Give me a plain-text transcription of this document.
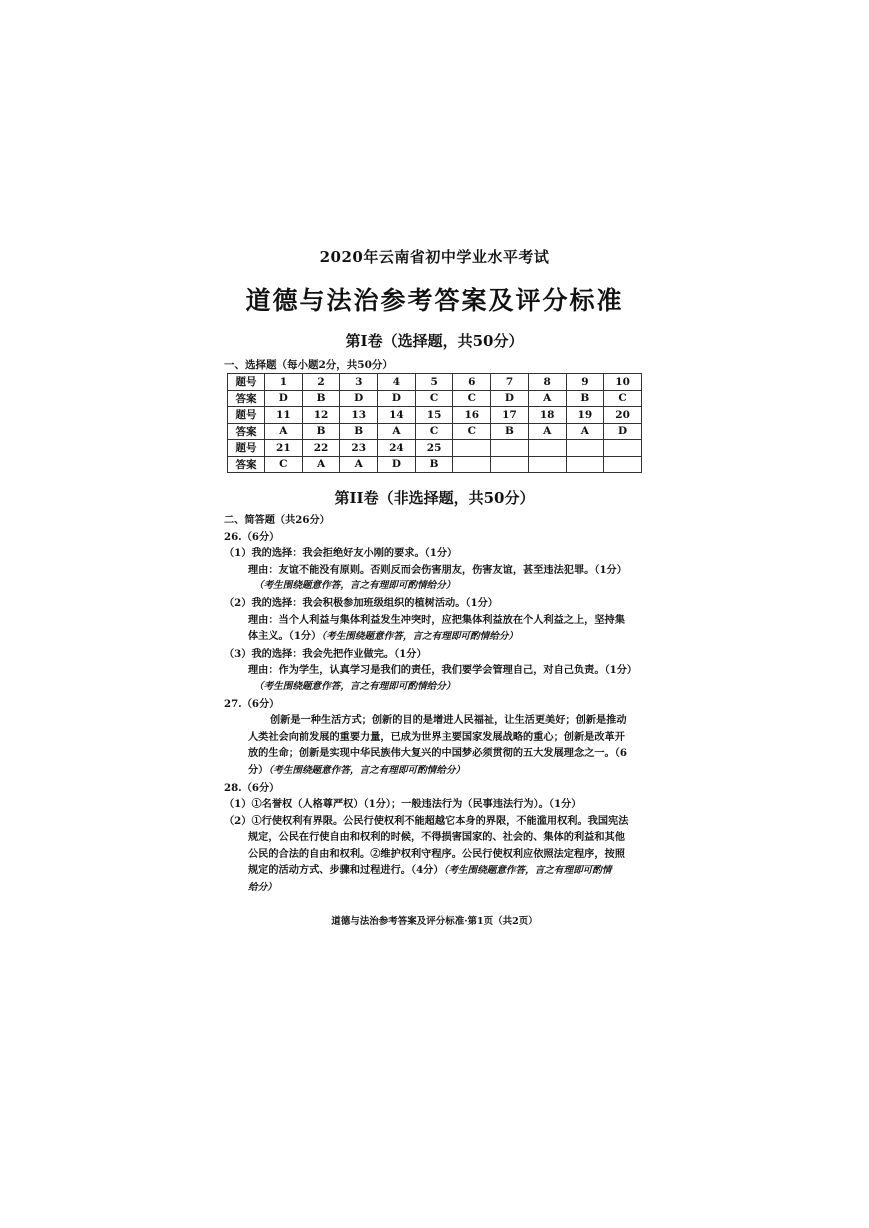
2020年云南省初中学业水平考试
道德与法治参考答案及评分标准
第Ⅰ卷（选择题，共50分）
一、选择题（每小题2分，共50分）
题号	1	2	3	4	5	6	7	8	9	10
答案	D	B	D	D	C	C	D	A	B	C
题号	11	12	13	14	15	16	17	18	19	20
答案	A	B	B	A	C	C	B	A	A	D
题号	21	22	23	24	25					
答案	C	A	A	D	B					
第II卷（非选择题，共50分）
二、简答题（共26分）
26.（6分）
（1）我的选择：我会拒绝好友小刚的要求。（1分）
理由：友谊不能没有原则。否则反而会伤害朋友，伤害友谊，甚至违法犯罪。（1分）
（考生围绕题意作答，言之有理即可酌情给分）
（2）我的选择：我会积极参加班级组织的植树活动。（1分）
理由：当个人利益与集体利益发生冲突时，应把集体利益放在个人利益之上，坚持集
体主义。（1分）（考生围绕题意作答，言之有理即可酌情给分）
（3）我的选择：我会先把作业做完。（1分）
理由：作为学生，认真学习是我们的责任，我们要学会管理自己，对自己负责。（1分）
（考生围绕题意作答，言之有理即可酌情给分）
27.（6分）
创新是一种生活方式；创新的目的是增进人民福祉，让生活更美好；创新是推动
人类社会向前发展的重要力量，已成为世界主要国家发展战略的重心；创新是改革开
放的生命；创新是实现中华民族伟大复兴的中国梦必须贯彻的五大发展理念之一。（6
分）（考生围绕题意作答，言之有理即可酌情给分）
28.（6分）
（1）①名誉权（人格尊严权）（1分）；一般违法行为（民事违法行为）。（1分）
（2）①行使权利有界限。公民行使权利不能超越它本身的界限，不能滥用权利。我国宪法
规定，公民在行使自由和权利的时候，不得损害国家的、社会的、集体的利益和其他
公民的合法的自由和权利。②维护权利守程序。公民行使权利应依照法定程序，按照
规定的活动方式、步骤和过程进行。（4分）（考生围绕题意作答，言之有理即可酌情
给分）
道德与法治参考答案及评分标准·第1页（共2页）
